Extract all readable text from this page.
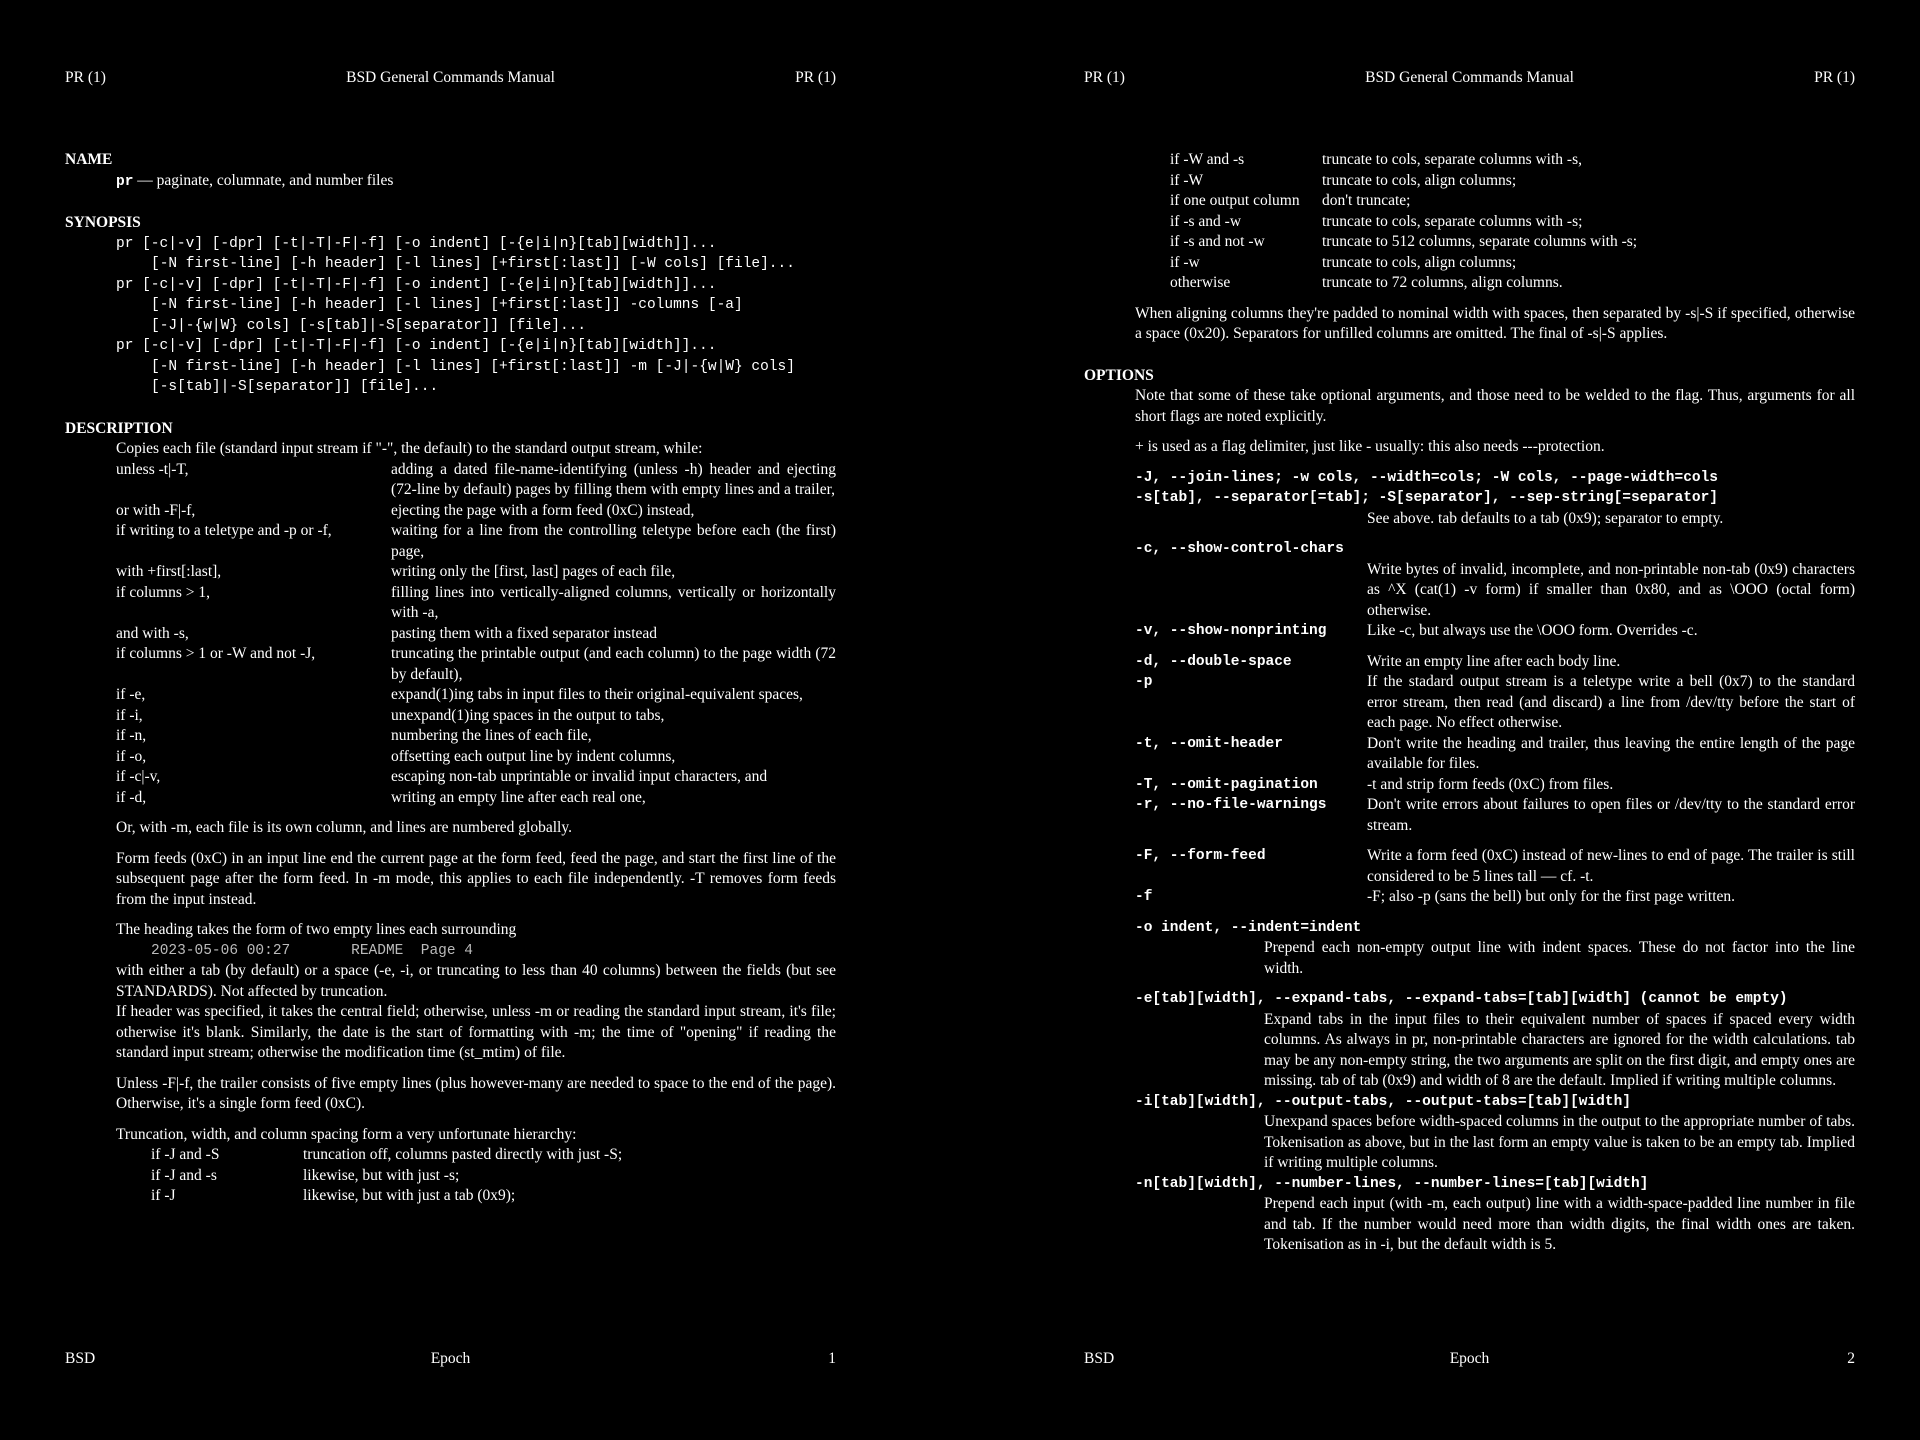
PR (1)	BSD General Commands Manual	PR (1)
NAME
pr — paginate, columnate, and number files
SYNOPSIS
pr [-c|-v] [-dpr] [-t|-T|-F|-f] [-o indent] [-{e|i|n}[tab][width]]...
[-N first-line] [-h header] [-l lines] [+first[:last]] [-W cols] [file]...
pr [-c|-v] [-dpr] [-t|-T|-F|-f] [-o indent] [-{e|i|n}[tab][width]]...
[-N first-line] [-h header] [-l lines] [+first[:last]] -columns [-a]
[-J|-{w|W} cols] [-s[tab]|-S[separator]] [file]...
pr [-c|-v] [-dpr] [-t|-T|-F|-f] [-o indent] [-{e|i|n}[tab][width]]...
[-N first-line] [-h header] [-l lines] [+first[:last]] -m [-J|-{w|W} cols]
[-s[tab]|-S[separator]] [file]...
DESCRIPTION

Copies each file (standard input stream if "-", the default) to the standard output stream, while:

unless -t|-T,	adding a dated file-name-identifying (unless -h) header and ejecting (72-line by default) pages by filling them with empty lines and a trailer,
or with -F|-f,	ejecting the page with a form feed (0xC) instead,
if writing to a teletype and -p or -f,	waiting for a line from the controlling teletype before each (the first) page,
with +first[:last],	writing only the [first, last] pages of each file,
if columns > 1,	filling lines into vertically-aligned columns, vertically or horizontally with -a,
and with -s,	pasting them with a fixed separator instead
if columns > 1 or -W and not -J,	truncating the printable output (and each column) to the page width (72 by default),
if -e,	expand(1)ing tabs in input files to their original-equivalent spaces,
if -i,	unexpand(1)ing spaces in the output to tabs,
if -n,	numbering the lines of each file,
if -o,	offsetting each output line by indent columns,
if -c|-v,	escaping non-tab unprintable or invalid input characters, and
if -d,	writing an empty line after each real one,

Or, with -m, each file is its own column, and lines are numbered globally.

Form feeds (0xC) in an input line end the current page at the form feed, feed the page, and start the first line of the subsequent page after the form feed. In -m mode, this applies to each file independently. -T removes form feeds from the input instead.

The heading takes the form of two empty lines each surrounding

2023-05-06 00:27       README  Page 4

with either a tab (by default) or a space (-e, -i, or truncating to less than 40 columns) between the fields (but see STANDARDS). Not affected by truncation.

If header was specified, it takes the central field; otherwise, unless -m or reading the standard input stream, it's file; otherwise it's blank. Similarly, the date is the start of formatting with -m; the time of "opening" if reading the standard input stream; otherwise the modification time (st_mtim) of file.

Unless -F|-f, the trailer consists of five empty lines (plus however-many are needed to space to the end of the page). Otherwise, it's a single form feed (0xC).

Truncation, width, and column spacing form a very unfortunate hierarchy:

if -J and -S	truncation off, columns pasted directly with just -S;
if -J and -s	likewise, but with just -s;
if -J	likewise, but with just a tab (0x9);
BSD	Epoch	1
PR (1)	BSD General Commands Manual	PR (1)
if -W and -s	truncate to cols, separate columns with -s,
if -W	truncate to cols, align columns;
if one output column	don't truncate;
if -s and -w	truncate to cols, separate columns with -s;
if -s and not -w	truncate to 512 columns, separate columns with -s;
if -w	truncate to cols, align columns;
otherwise	truncate to 72 columns, align columns.

When aligning columns they're padded to nominal width with spaces, then separated by -s|-S if specified, otherwise a space (0x20). Separators for unfilled columns are omitted. The final of -s|-S applies.

OPTIONS

Note that some of these take optional arguments, and those need to be welded to the flag. Thus, arguments for all short flags are noted explicitly.

+ is used as a flag delimiter, just like - usually: this also needs ---protection.

-J, --join-lines; -w cols, --width=cols; -W cols, --page-width=cols
-s[tab], --separator[=tab]; -S[separator], --sep-string[=separator]
See above. tab defaults to a tab (0x9); separator to empty.
-c, --show-control-chars
Write bytes of invalid, incomplete, and non-printable non-tab (0x9) characters as ^X (cat(1) -v form) if smaller than 0x80, and as \OOO (octal form) otherwise.
-v, --show-nonprinting	Like -c, but always use the \OOO form. Overrides -c.
-d, --double-space	Write an empty line after each body line.
-p	If the stadard output stream is a teletype write a bell (0x7) to the standard error stream, then read (and discard) a line from /dev/tty before the start of each page. No effect otherwise.
-t, --omit-header	Don't write the heading and trailer, thus leaving the entire length of the page available for files.
-T, --omit-pagination	-t and strip form feeds (0xC) from files.
-r, --no-file-warnings	Don't write errors about failures to open files or /dev/tty to the standard error stream.
-F, --form-feed	Write a form feed (0xC) instead of new-lines to end of page. The trailer is still considered to be 5 lines tall — cf. -t.
-f	-F; also -p (sans the bell) but only for the first page written.
-o indent, --indent=indent
Prepend each non-empty output line with indent spaces. These do not factor into the line width.
-e[tab][width], --expand-tabs, --expand-tabs=[tab][width] (cannot be empty)
Expand tabs in the input files to their equivalent number of spaces if spaced every width columns. As always in pr, non-printable characters are ignored for the width calculations. tab may be any non-empty string, the two arguments are split on the first digit, and empty ones are missing. tab of tab (0x9) and width of 8 are the default. Implied if writing multiple columns.
-i[tab][width], --output-tabs, --output-tabs=[tab][width]
Unexpand spaces before width-spaced columns in the output to the appropriate number of tabs. Tokenisation as above, but in the last form an empty value is taken to be an empty tab. Implied if writing multiple columns.
-n[tab][width], --number-lines, --number-lines=[tab][width]
Prepend each input (with -m, each output) line with a width-space-padded line number in file and tab. If the number would need more than width digits, the final width ones are taken. Tokenisation as in -i, but the default width is 5.
BSD	Epoch	2
